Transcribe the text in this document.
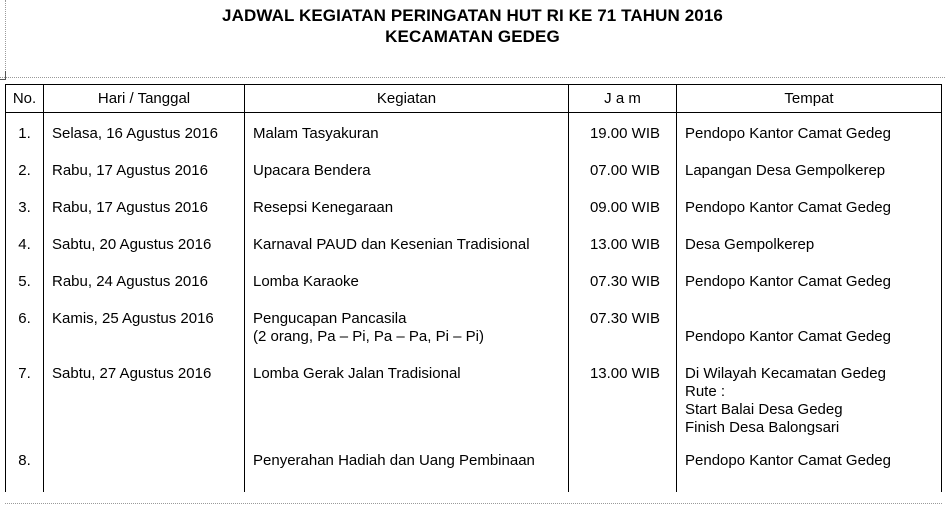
JADWAL KEGIATAN PERINGATAN HUT RI KE 71 TAHUN 2016
KECAMATAN GEDEG
No.	Hari / Tanggal	Kegiatan	J a m	Tempat

1.	Selasa, 16 Agustus 2016	Malam Tasyakuran	19.00 WIB	Pendopo Kantor Camat Gedeg

2.	Rabu, 17 Agustus 2016	Upacara Bendera	07.00 WIB	Lapangan Desa Gempolkerep

3.	Rabu, 17 Agustus 2016	Resepsi Kenegaraan	09.00 WIB	Pendopo Kantor Camat Gedeg

4.	Sabtu, 20 Agustus 2016	Karnaval PAUD dan Kesenian Tradisional	13.00 WIB	Desa Gempolkerep

5.	Rabu, 24 Agustus 2016	Lomba Karaoke	07.30 WIB	Pendopo Kantor Camat Gedeg

6.	Kamis, 25 Agustus 2016	Pengucapan Pancasila
(2 orang, Pa – Pi, Pa – Pa, Pi – Pi)	07.30 WIB	Pendopo Kantor Camat Gedeg

7.	Sabtu, 27 Agustus 2016	Lomba Gerak Jalan Tradisional	13.00 WIB	Di Wilayah Kecamatan Gedeg
Rute :
Start Balai Desa Gedeg
Finish Desa Balongsari

8.		Penyerahan Hadiah dan Uang Pembinaan		Pendopo Kantor Camat Gedeg
